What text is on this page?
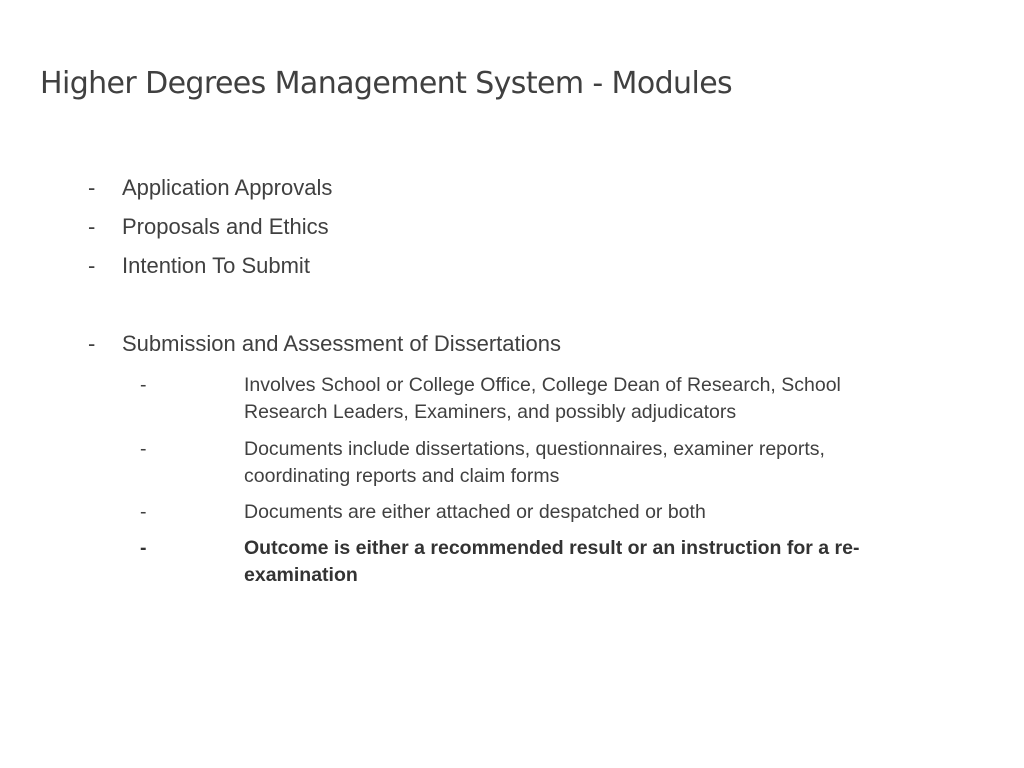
Higher Degrees Management System - Modules
-	Application Approvals
-	Proposals and Ethics
-	Intention To Submit
-	Submission and Assessment of Dissertations
-	Involves School or College Office, College Dean of Research, School Research Leaders, Examiners, and possibly adjudicators
-	Documents include dissertations, questionnaires, examiner reports, coordinating reports and claim forms
-	Documents are either attached or despatched or both
-	Outcome is either a recommended result or an instruction for a re-examination
